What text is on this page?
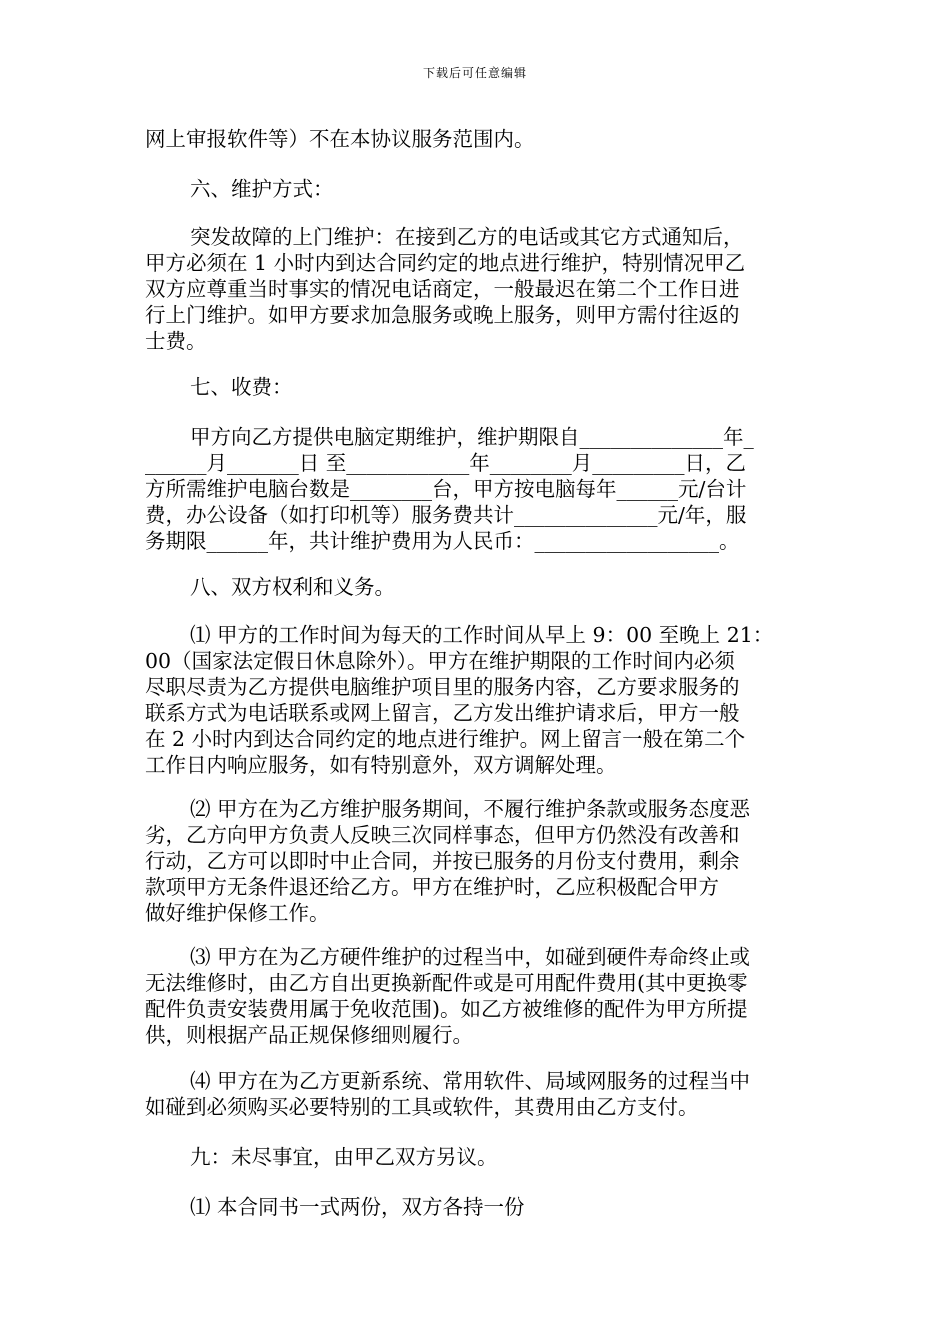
下载后可任意编辑
网上审报软件等）不在本协议服务范围内。
六、维护方式：
突发故障的上门维护：在接到乙方的电话或其它方式通知后，
甲方必须在 1 小时内到达合同约定的地点进行维护，特别情况甲乙
双方应尊重当时事实的情况电话商定，一般最迟在第二个工作日进
行上门维护。如甲方要求加急服务或晚上服务，则甲方需付往返的
士费。
七、收费：
甲方向乙方提供电脑定期维护，维护期限自______________年_
______月_______日 至____________年________月_________日，乙
方所需维护电脑台数是________台，甲方按电脑每年______元/台计
费，办公设备（如打印机等）服务费共计______________元/年，服
务期限______年，共计维护费用为人民币：__________________。
八、双方权利和义务。
⑴ 甲方的工作时间为每天的工作时间从早上 9：00 至晚上 21：
00（国家法定假日休息除外）。甲方在维护期限的工作时间内必须
尽职尽责为乙方提供电脑维护项目里的服务内容，乙方要求服务的
联系方式为电话联系或网上留言，乙方发出维护请求后，甲方一般
在 2 小时内到达合同约定的地点进行维护。网上留言一般在第二个
工作日内响应服务，如有特别意外，双方调解处理。
⑵ 甲方在为乙方维护服务期间，不履行维护条款或服务态度恶
劣，乙方向甲方负责人反映三次同样事态，但甲方仍然没有改善和
行动，乙方可以即时中止合同，并按已服务的月份支付费用，剩余
款项甲方无条件退还给乙方。甲方在维护时，乙应积极配合甲方
做好维护保修工作。
⑶ 甲方在为乙方硬件维护的过程当中，如碰到硬件寿命终止或
无法维修时，由乙方自出更换新配件或是可用配件费用(其中更换零
配件负责安装费用属于免收范围)。如乙方被维修的配件为甲方所提
供，则根据产品正规保修细则履行。
⑷ 甲方在为乙方更新系统、常用软件、局域网服务的过程当中
如碰到必须购买必要特别的工具或软件，其费用由乙方支付。
九：未尽事宜，由甲乙双方另议。
⑴ 本合同书一式两份，双方各持一份
